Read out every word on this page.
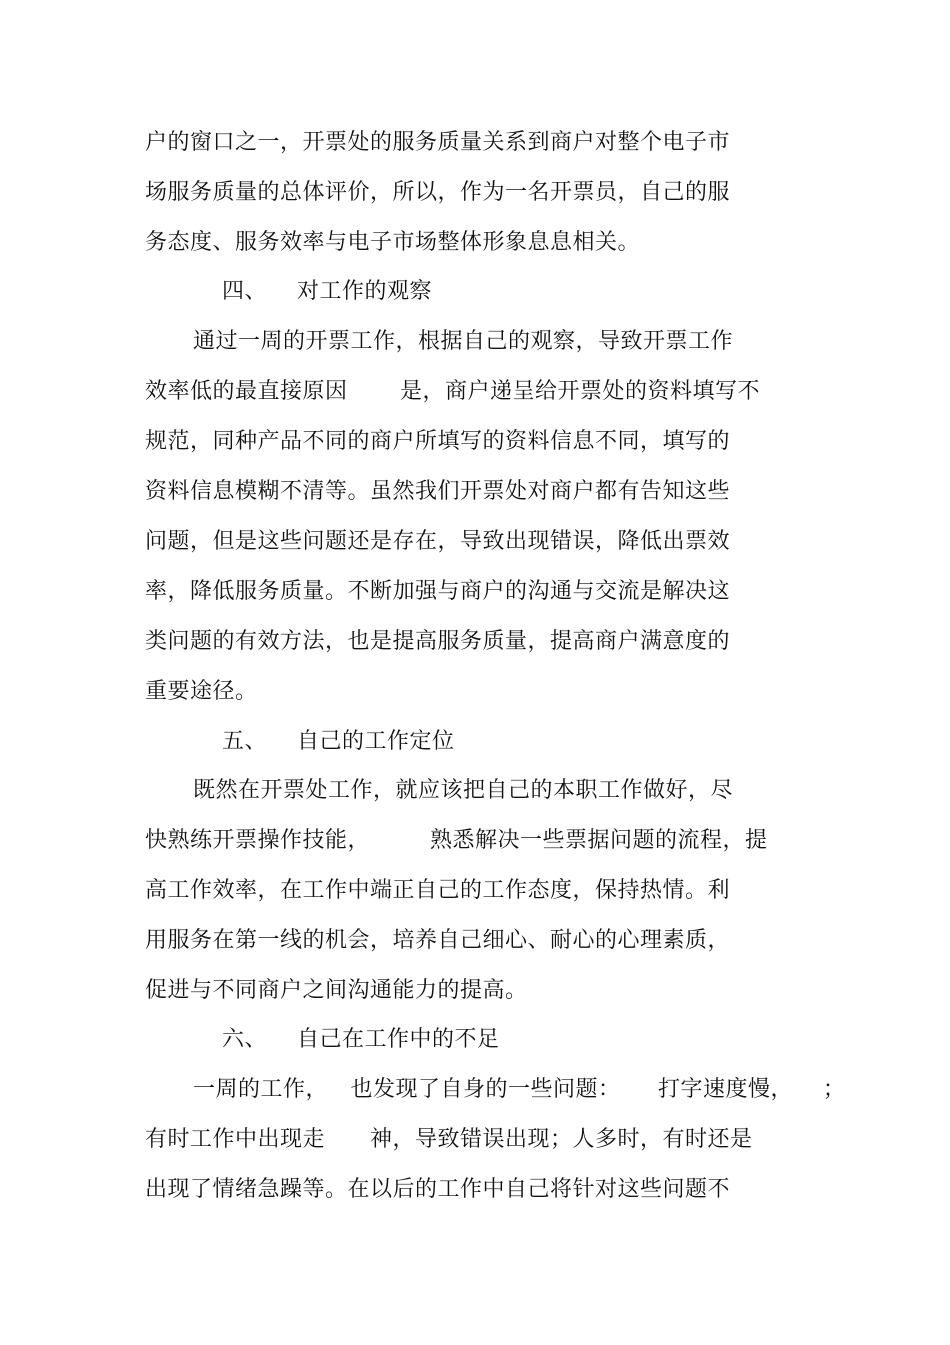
户的窗口之一，开票处的服务质量关系到商户对整个电子市
场服务质量的总体评价，所以，作为一名开票员，自己的服
务态度、服务效率与电子市场整体形象息息相关。
四、    对工作的观察
通过一周的开票工作，根据自己的观察，导致开票工作
效率低的最直接原因       是，商户递呈给开票处的资料填写不
规范，同种产品不同的商户所填写的资料信息不同，填写的
资料信息模糊不清等。虽然我们开票处对商户都有告知这些
问题，但是这些问题还是存在，导致出现错误，降低出票效
率，降低服务质量。不断加强与商户的沟通与交流是解决这
类问题的有效方法，也是提高服务质量，提高商户满意度的
重要途径。
五、    自己的工作定位
既然在开票处工作，就应该把自己的本职工作做好，尽
快熟练开票操作技能，        熟悉解决一些票据问题的流程，提
高工作效率，在工作中端正自己的工作态度，保持热情。利
用服务在第一线的机会，培养自己细心、耐心的心理素质，
促进与不同商户之间沟通能力的提高。
六、    自己在工作中的不足
一周的工作，   也发现了自身的一些问题：     打字速度慢，    ；
有时工作中出现走      神，导致错误出现；人多时，有时还是
出现了情绪急躁等。在以后的工作中自己将针对这些问题不
